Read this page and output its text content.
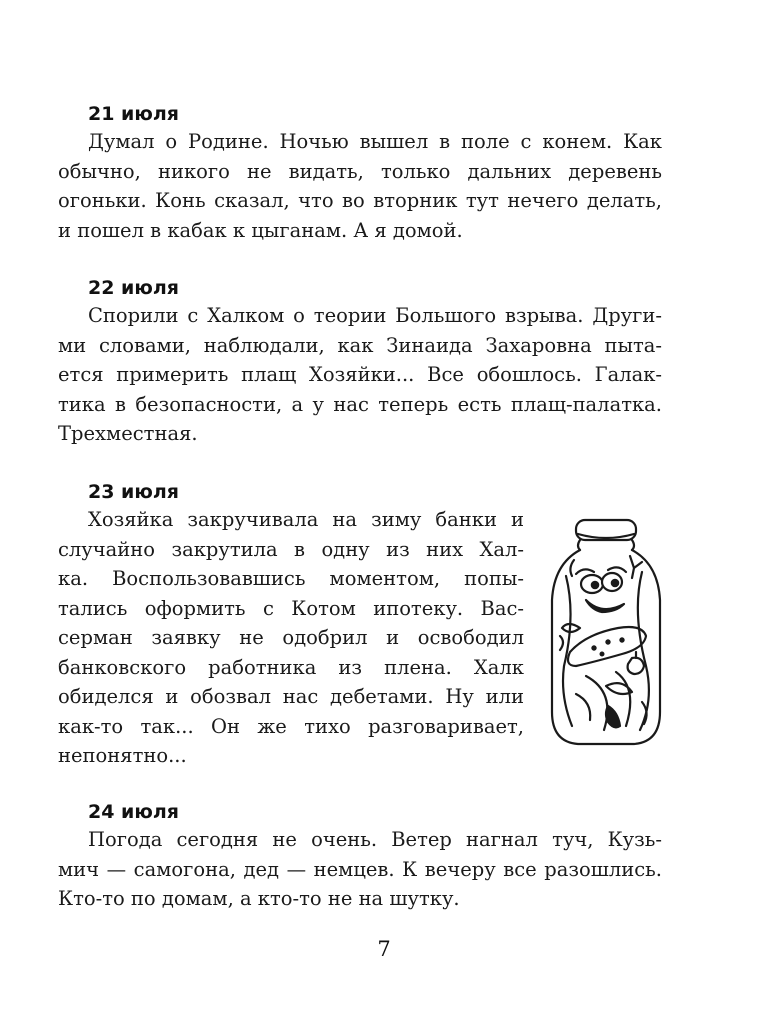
21 июля
Думал о Родине. Ночью вышел в поле с конем. Как
обычно, никого не видать, только дальних деревень
огоньки. Конь сказал, что во вторник тут нечего делать,
и пошел в кабак к цыганам. А я домой.
22 июля
Спорили с Халком о теории Большого взрыва. Други-
ми словами, наблюдали, как Зинаида Захаровна пыта-
ется примерить плащ Хозяйки... Все обошлось. Галак-
тика в безопасности, а у нас теперь есть плащ-палатка.
Трехместная.
23 июля
Хозяйка закручивала на зиму банки и
случайно закрутила в одну из них Хал-
ка. Воспользовавшись моментом, попы-
тались оформить с Котом ипотеку. Вас-
серман заявку не одобрил и освободил
банковского работника из плена. Халк
обиделся и обозвал нас дебетами. Ну или
как-то так... Он же тихо разговаривает,
непонятно...
24 июля
Погода сегодня не очень. Ветер нагнал туч, Кузь-
мич — самогона, дед — немцев. К вечеру все разошлись.
Кто-то по домам, а кто-то не на шутку.
7
